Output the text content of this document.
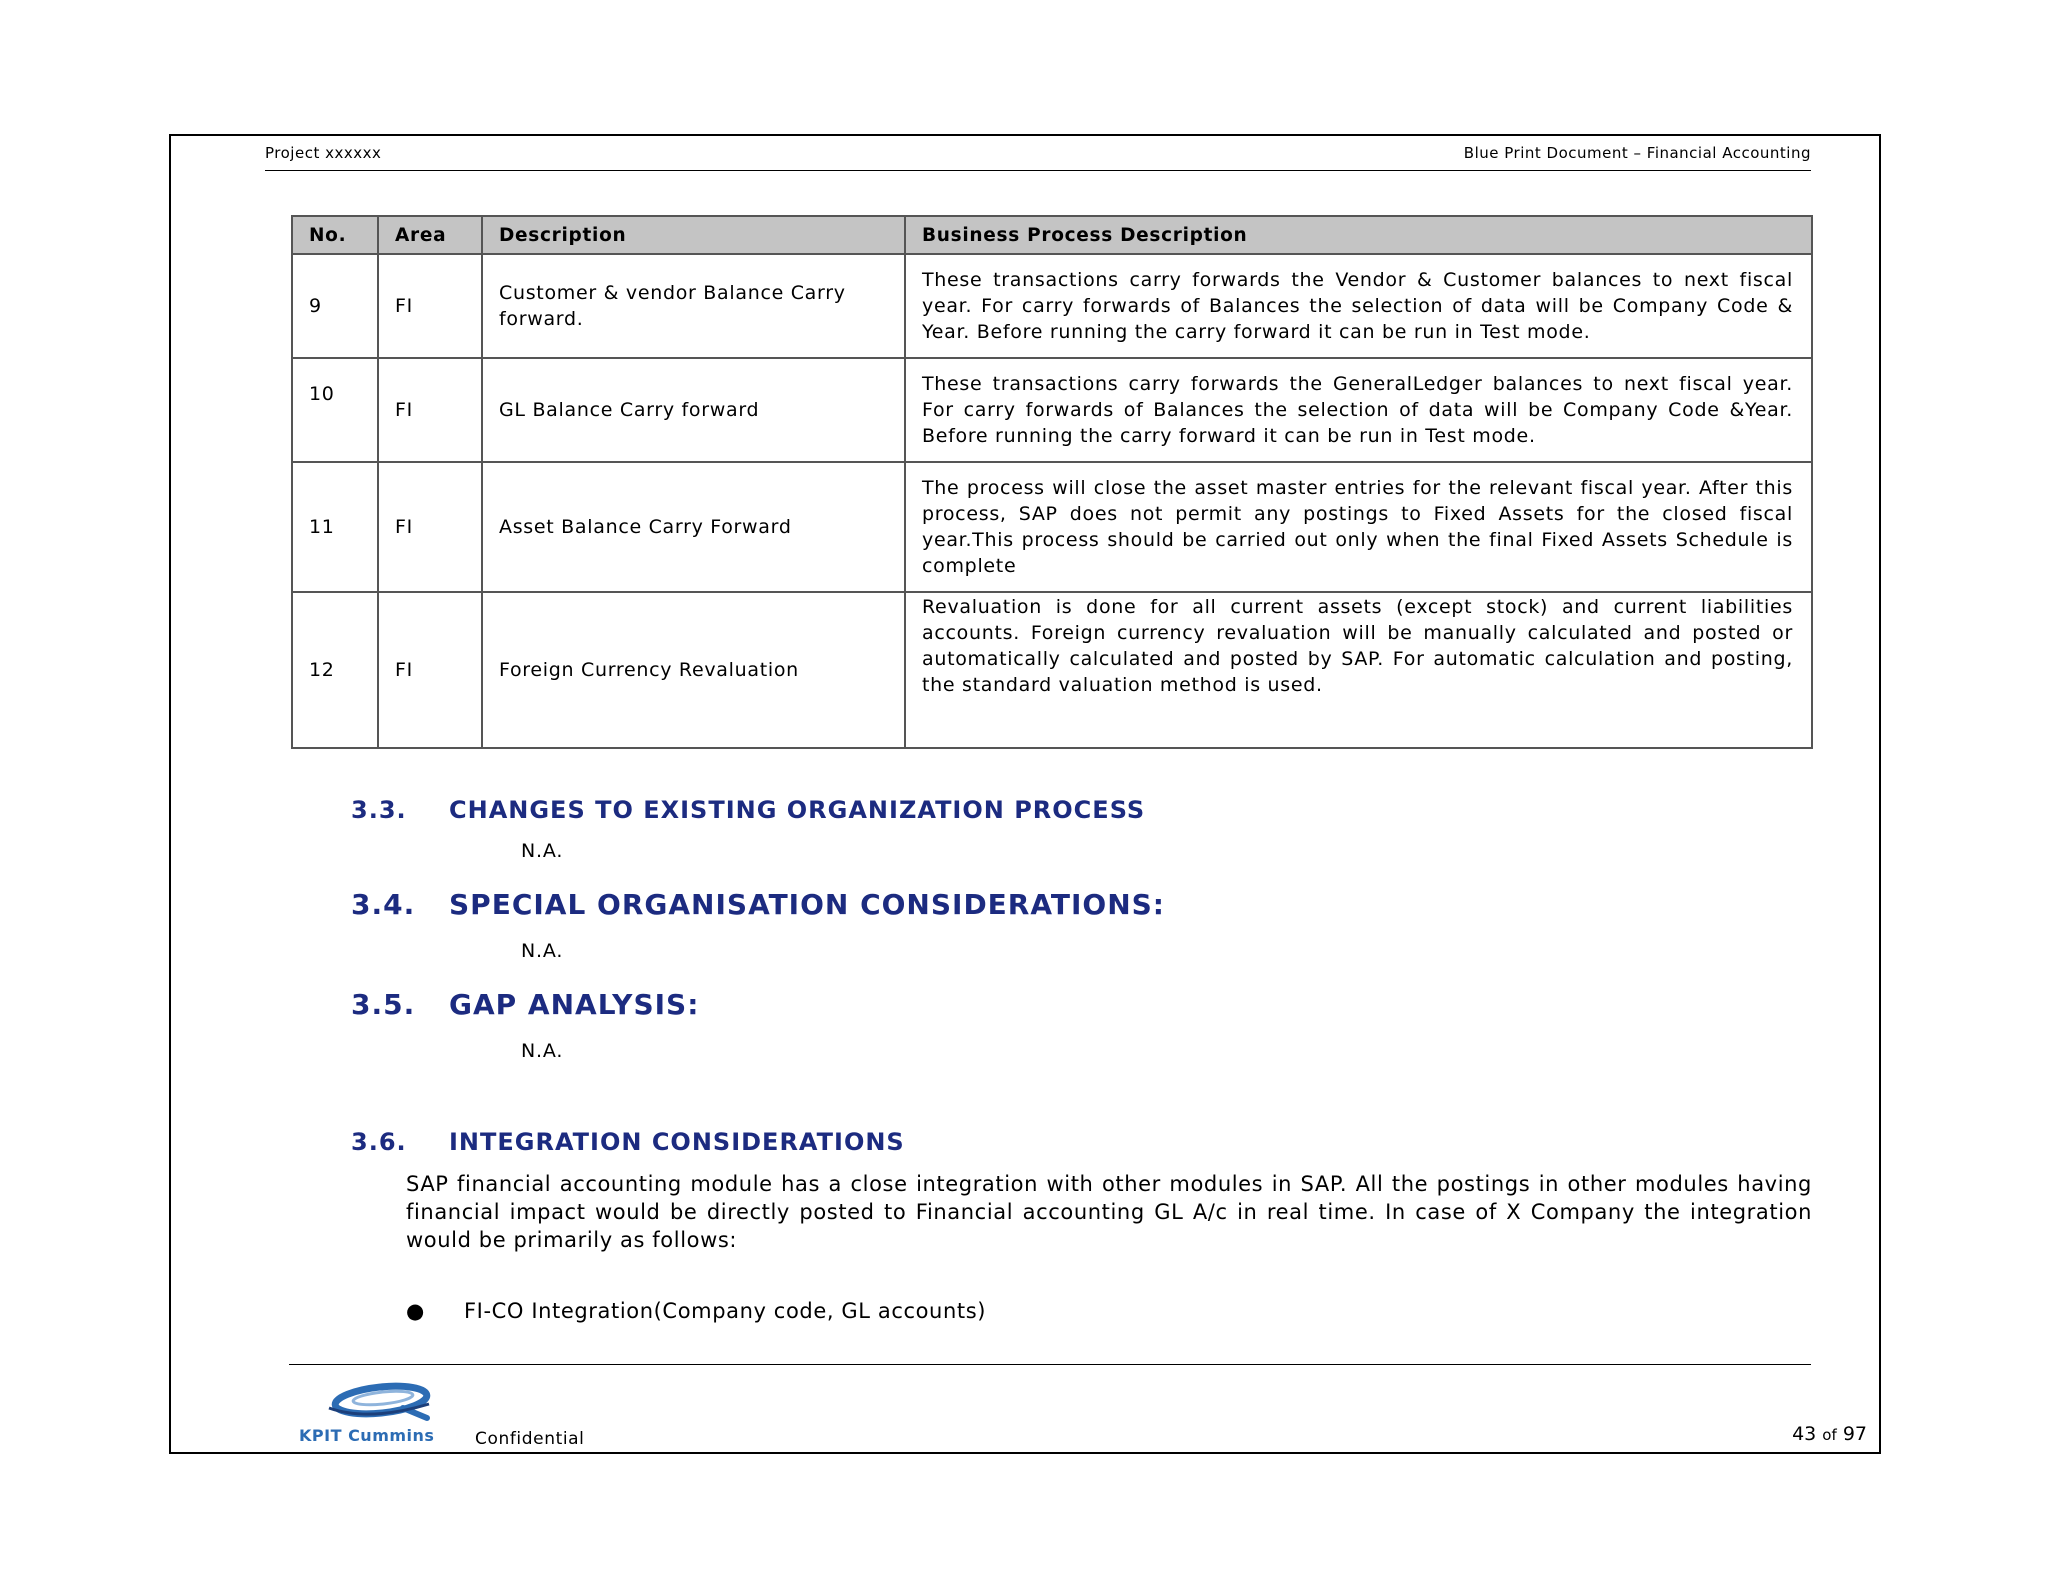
Project xxxxxx	Blue Print Document – Financial Accounting
No.	Area	Description	Business Process Description
9	FI	Customer & vendor Balance Carry forward.	These transactions carry forwards the Vendor & Customer balances to next fiscal year. For carry forwards of Balances the selection of data will be Company Code & Year. Before running the carry forward it can be run in Test mode.
10	FI	GL Balance Carry forward	These transactions carry forwards the GeneralLedger balances to next fiscal year. For carry forwards of Balances the selection of data will be Company Code &Year. Before running the carry forward it can be run in Test mode.
11	FI	Asset Balance Carry Forward	The process will close the asset master entries for the relevant fiscal year. After this process, SAP does not permit any postings to Fixed Assets for the closed fiscal year.This process should be carried out only when the final Fixed Assets Schedule is complete
12	FI	Foreign Currency Revaluation	Revaluation is done for all current assets (except stock) and current liabilities accounts. Foreign currency revaluation will be manually calculated and posted or automatically calculated and posted by SAP. For automatic calculation and posting, the standard valuation method is used.
3.3. CHANGES TO EXISTING ORGANIZATION PROCESS
N.A.
3.4. SPECIAL ORGANISATION CONSIDERATIONS:
N.A.
3.5. GAP ANALYSIS:
N.A.
3.6. INTEGRATION CONSIDERATIONS
SAP financial accounting module has a close integration with other modules in SAP. All the postings in other modules having financial impact would be directly posted to Financial accounting GL A/c in real time. In case of X Company the integration would be primarily as follows:
● FI-CO Integration(Company code, GL accounts)
KPIT Cummins Confidential	43 of 97
